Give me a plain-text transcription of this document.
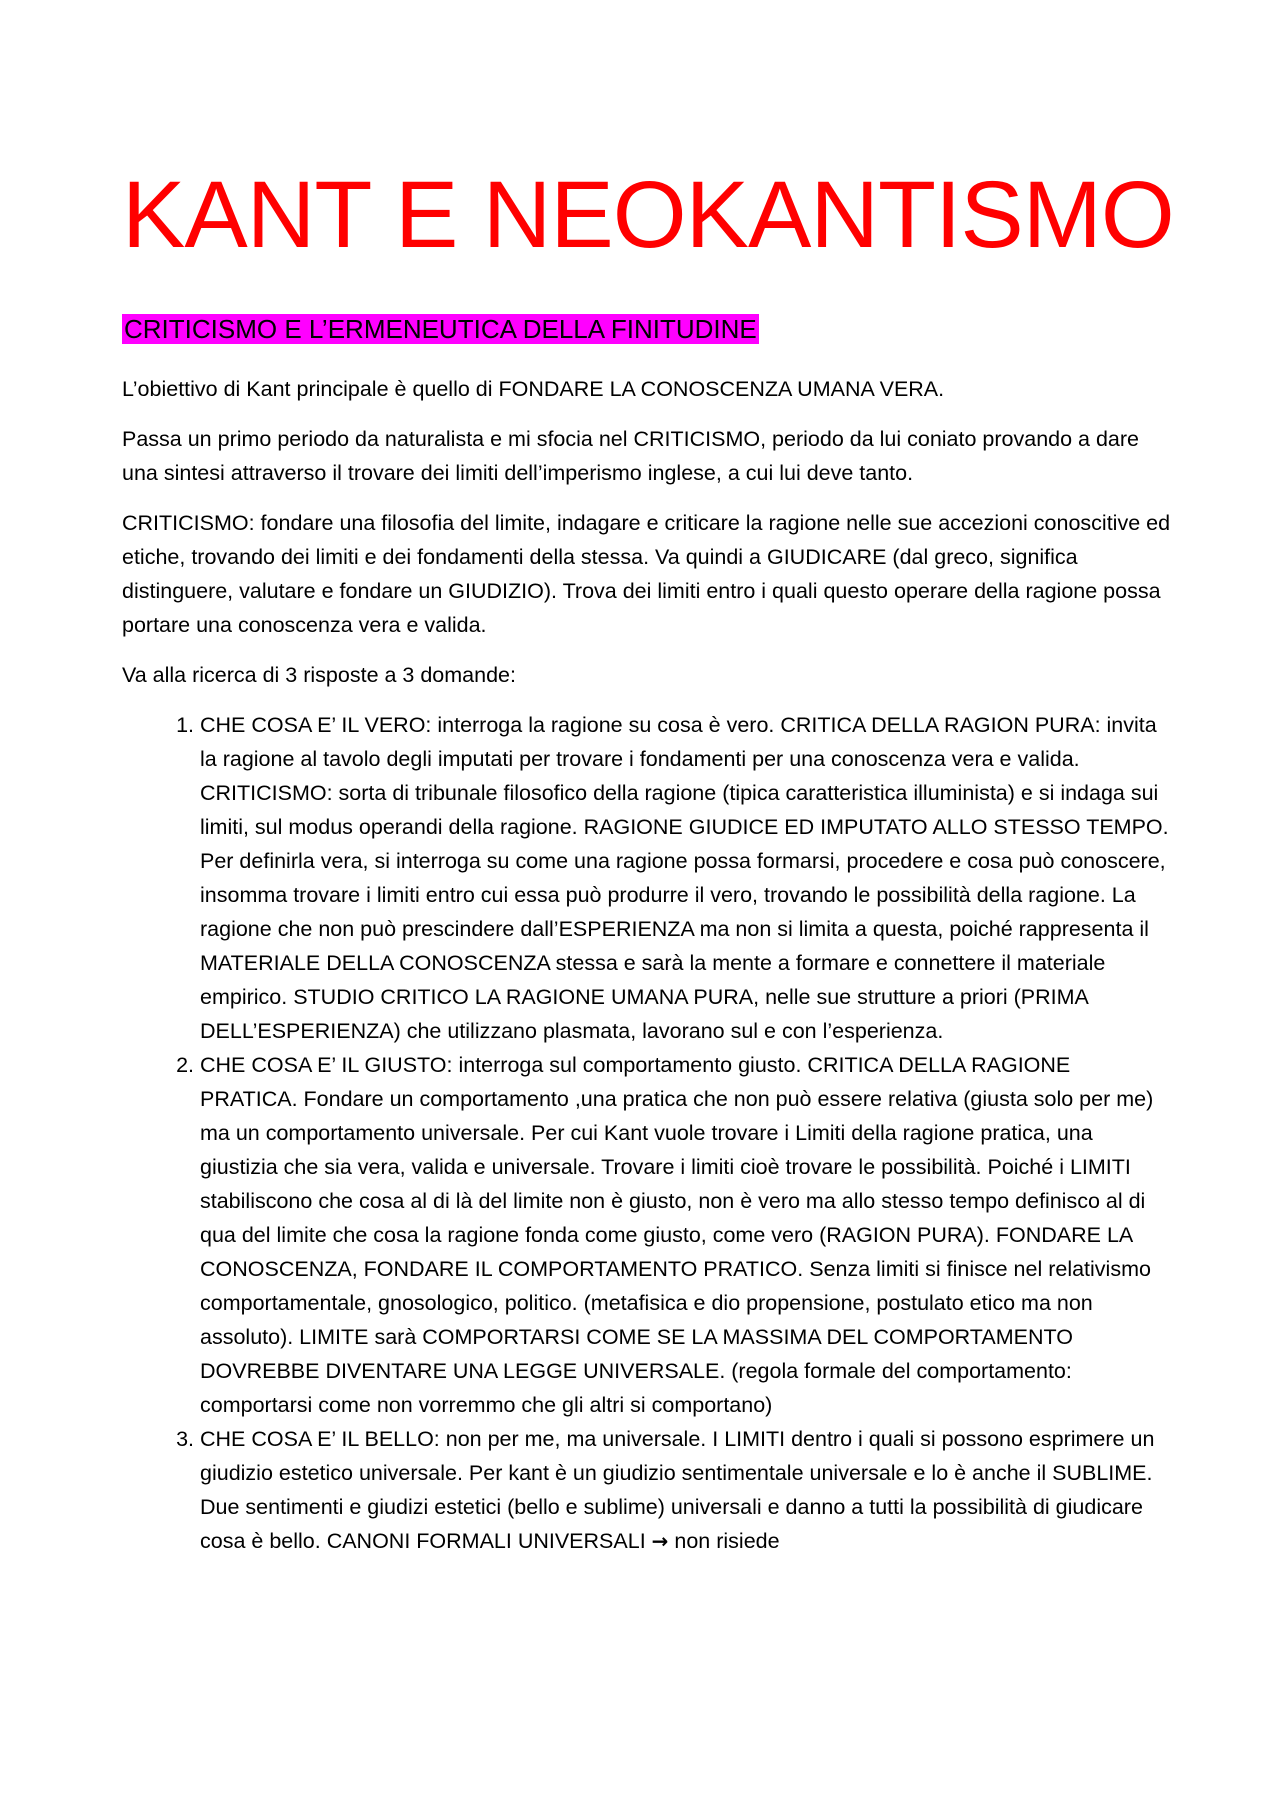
KANT E NEOKANTISMO
CRITICISMO E L’ERMENEUTICA DELLA FINITUDINE

L’obiettivo di Kant principale è quello di FONDARE LA CONOSCENZA UMANA VERA.

Passa un primo periodo da naturalista e mi sfocia nel CRITICISMO, periodo da lui coniato provando a dare una sintesi attraverso il trovare dei limiti dell’imperismo inglese, a cui lui deve tanto.

CRITICISMO: fondare una filosofia del limite, indagare e criticare la ragione nelle sue accezioni conoscitive ed etiche, trovando dei limiti e dei fondamenti della stessa. Va quindi a GIUDICARE (dal greco, significa distinguere, valutare e fondare un GIUDIZIO). Trova dei limiti entro i quali questo operare della ragione possa portare una conoscenza vera e valida.

Va alla ricerca di 3 risposte a 3 domande:

1. CHE COSA E’ IL VERO: interroga la ragione su cosa è vero. CRITICA DELLA RAGION PURA: invita la ragione al tavolo degli imputati per trovare i fondamenti per una conoscenza vera e valida. CRITICISMO: sorta di tribunale filosofico della ragione (tipica caratteristica illuminista) e si indaga sui limiti, sul modus operandi della ragione. RAGIONE GIUDICE ED IMPUTATO ALLO STESSO TEMPO. Per definirla vera, si interroga su come una ragione possa formarsi, procedere e cosa può conoscere, insomma trovare i limiti entro cui essa può produrre il vero, trovando le possibilità della ragione. La ragione che non può prescindere dall’ESPERIENZA ma non si limita a questa, poiché rappresenta il MATERIALE DELLA CONOSCENZA stessa e sarà la mente a formare e connettere il materiale empirico. STUDIO CRITICO LA RAGIONE UMANA PURA, nelle sue strutture a priori (PRIMA DELL’ESPERIENZA) che utilizzano plasmata, lavorano sul e con l’esperienza.
2. CHE COSA E’ IL GIUSTO: interroga sul comportamento giusto. CRITICA DELLA RAGIONE PRATICA. Fondare un comportamento ,una pratica che non può essere relativa (giusta solo per me) ma un comportamento universale. Per cui Kant vuole trovare i Limiti della ragione pratica, una giustizia che sia vera, valida e universale. Trovare i limiti cioè trovare le possibilità. Poiché i LIMITI stabiliscono che cosa al di là del limite non è giusto, non è vero ma allo stesso tempo definisco al di qua del limite che cosa la ragione fonda come giusto, come vero (RAGION PURA). FONDARE LA CONOSCENZA, FONDARE IL COMPORTAMENTO PRATICO. Senza limiti si finisce nel relativismo comportamentale, gnosologico, politico. (metafisica e dio propensione, postulato etico ma non assoluto). LIMITE sarà COMPORTARSI COME SE LA MASSIMA DEL COMPORTAMENTO DOVREBBE DIVENTARE UNA LEGGE UNIVERSALE. (regola formale del comportamento: comportarsi come non vorremmo che gli altri si comportano)
3. CHE COSA E’ IL BELLO: non per me, ma universale. I LIMITI dentro i quali si possono esprimere un giudizio estetico universale. Per kant è un giudizio sentimentale universale e lo è anche il SUBLIME. Due sentimenti e giudizi estetici (bello e sublime) universali e danno a tutti la possibilità di giudicare cosa è bello. CANONI FORMALI UNIVERSALI → non risiede
